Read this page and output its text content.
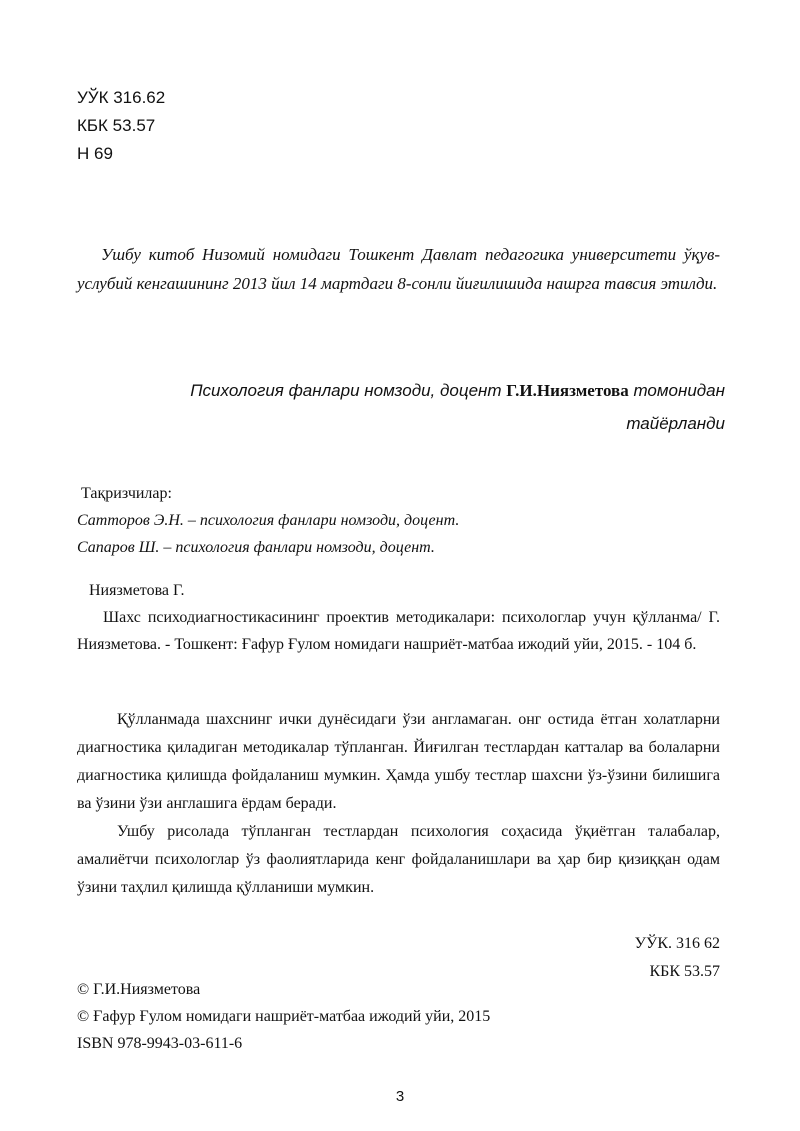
УЎК 316.62
КБК 53.57
Н 69
Ушбу китоб Низомий номидаги Тошкент Давлат педагогика университети ўқув-услубий кенгашининг 2013 йил 14 мартдаги 8-сонли йиғилишида нашрга тавсия этилди.
Психология фанлари номзоди, доцент Г.И.Ниязметова томонидан тайёрланди
Тақризчилар:
Сатторов Э.Н. – психология фанлари номзоди, доцент.
Сапаров Ш. – психология фанлари номзоди, доцент.
Ниязметова Г.
Шахс психодиагностикасининг проектив методикалари: психологлар учун қўлланма/ Г. Ниязметова. - Тошкент: Ғафур Ғулом номидаги нашриёт-матбаа ижодий уйи, 2015. - 104 б.

Қўлланмада шахснинг ички дунёсидаги ўзи англамаган. онг остида ётган холатларни диагностика қиладиган методикалар тўпланган. Йиғилган тестлардан катталар ва болаларни диагностика қилишда фойдаланиш мумкин. Ҳамда ушбу тестлар шахсни ўз-ўзини билишига ва ўзини ўзи англашига ёрдам беради.

Ушбу рисолада тўпланган тестлардан психология соҳасида ўқиётган талабалар, амалиётчи психологлар ўз фаолиятларида кенг фойдаланишлари ва ҳар бир қизиққан одам ўзини таҳлил қилишда қўлланиши мумкин.

УЎК. 316 62
КБК 53.57
© Г.И.Ниязметова
© Ғафур Ғулом номидаги нашриёт-матбаа ижодий уйи, 2015
ISBN 978-9943-03-611-6
3
